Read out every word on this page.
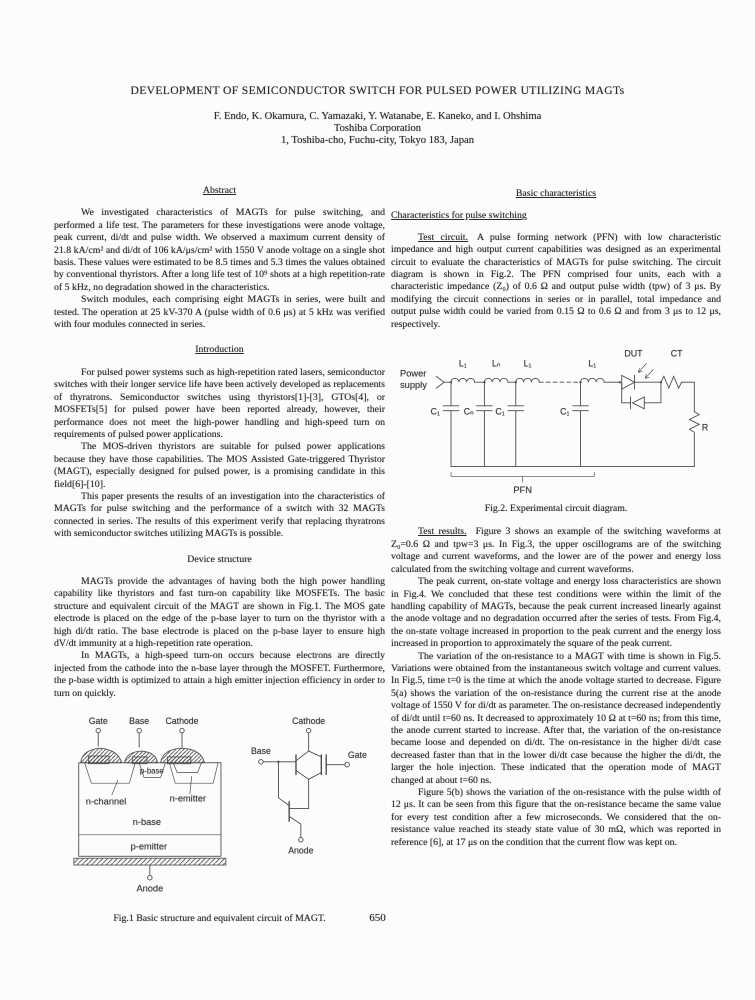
DEVELOPMENT OF SEMICONDUCTOR SWITCH FOR PULSED POWER UTILIZING MAGTs
F. Endo, K. Okamura, C. Yamazaki, Y. Watanabe, E. Kaneko, and I. Ohshima
Toshiba Corporation
1, Toshiba-cho, Fuchu-city, Tokyo 183, Japan
Abstract

We investigated characteristics of MAGTs for pulse switching, and performed a life test. The parameters for these investigations were anode voltage, peak current, di/dt and pulse width. We observed a maximum current density of 21.8 kA/cm² and di/dt of 106 kA/μs/cm² with 1550 V anode voltage on a single shot basis. These values were estimated to be 8.5 times and 5.3 times the values obtained by conventional thyristors. After a long life test of 10⁹ shots at a high repetition-rate of 5 kHz, no degradation showed in the characteristics.

Switch modules, each comprising eight MAGTs in series, were built and tested. The operation at 25 kV-370 A (pulse width of 0.6 μs) at 5 kHz was verified with four modules connected in series.

Introduction

For pulsed power systems such as high-repetition rated lasers, semiconductor switches with their longer service life have been actively developed as replacements of thyratrons. Semiconductor switches using thyristors[1]-[3], GTOs[4], or MOSFETs[5] for pulsed power have been reported already, however, their performance does not meet the high-power handling and high-speed turn on requirements of pulsed power applications.

The MOS-driven thyristors are suitable for pulsed power applications because they have those capabilities. The MOS Assisted Gate-triggered Thyristor (MAGT), especially designed for pulsed power, is a promising candidate in this field[6]-[10].

This paper presents the results of an investigation into the characteristics of MAGTs for pulse switching and the performance of a switch with 32 MAGTs connected in series. The results of this experiment verify that replacing thyratrons with semiconductor switches utilizing MAGTs is possible.

Device structure

MAGTs provide the advantages of having both the high power handling capability like thyristors and fast turn-on capability like MOSFETs. The basic structure and equivalent circuit of the MAGT are shown in Fig.1. The MOS gate electrode is placed on the edge of the p-base layer to turn on the thyristor with a high di/dt ratio. The base electrode is placed on the p-base layer to ensure high dV/dt immunity at a high-repetition rate operation.

In MAGTs, a high-speed turn-on occurs because electrons are directly injected from the cathode into the n-base layer through the MOSFET. Furthermore, the p-base width is optimized to attain a high emitter injection efficiency in order to turn on quickly.

Gate Base Cathode
p-base
n-channel	n-emitter
n-base
p-emitter
Anode
Cathode
Base	Gate
Anode
Fig.1 Basic structure and equivalent circuit of MAGT.
Basic characteristics
Characteristics for pulse switching

Test circuit. A pulse forming network (PFN) with low characteristic impedance and high output current capabilities was designed as an experimental circuit to evaluate the characteristics of MAGTs for pulse switching. The circuit diagram is shown in Fig.2. The PFN comprised four units, each with a characteristic impedance (Z₀) of 0.6 Ω and output pulse width (tpw) of 3 μs. By modifying the circuit connections in series or in parallel, total impedance and output pulse width could be varied from 0.15 Ω to 0.6 Ω and from 3 μs to 12 μs, respectively.

Power
supply
L₁	Lₙ	L₁	L₁
DUT	CT
R
C₁	Cₙ C₁	C₁
PFN
Fig.2. Experimental circuit diagram.

Test results. Figure 3 shows an example of the switching waveforms at Z₀=0.6 Ω and tpw=3 μs. In Fig.3, the upper oscillograms are of the switching voltage and current waveforms, and the lower are of the power and energy loss calculated from the switching voltage and current waveforms.

The peak current, on-state voltage and energy loss characteristics are shown in Fig.4. We concluded that these test conditions were within the limit of the handling capability of MAGTs, because the peak current increased linearly against the anode voltage and no degradation occurred after the series of tests. From Fig.4, the on-state voltage increased in proportion to the peak current and the energy loss increased in proportion to approximately the square of the peak current.

The variation of the on-resistance to a MAGT with time is shown in Fig.5. Variations were obtained from the instantaneous switch voltage and current values. In Fig.5, time t=0 is the time at which the anode voltage started to decrease. Figure 5(a) shows the variation of the on-resistance during the current rise at the anode voltage of 1550 V for di/dt as parameter. The on-resistance decreased independently of di/dt until t=60 ns. It decreased to approximately 10 Ω at t=60 ns; from this time, the anode current started to increase. After that, the variation of the on-resistance became loose and depended on di/dt. The on-resistance in the higher di/dt case decreased faster than that in the lower di/dt case because the higher the di/dt, the larger the hole injection. These indicated that the operation mode of MAGT changed at about t=60 ns.

Figure 5(b) shows the variation of the on-resistance with the pulse width of 12 μs. It can be seen from this figure that the on-resistance became the same value for every test condition after a few microseconds. We considered that the on-resistance value reached its steady state value of 30 mΩ, which was reported in reference [6], at 17 μs on the condition that the current flow was kept on.

650
